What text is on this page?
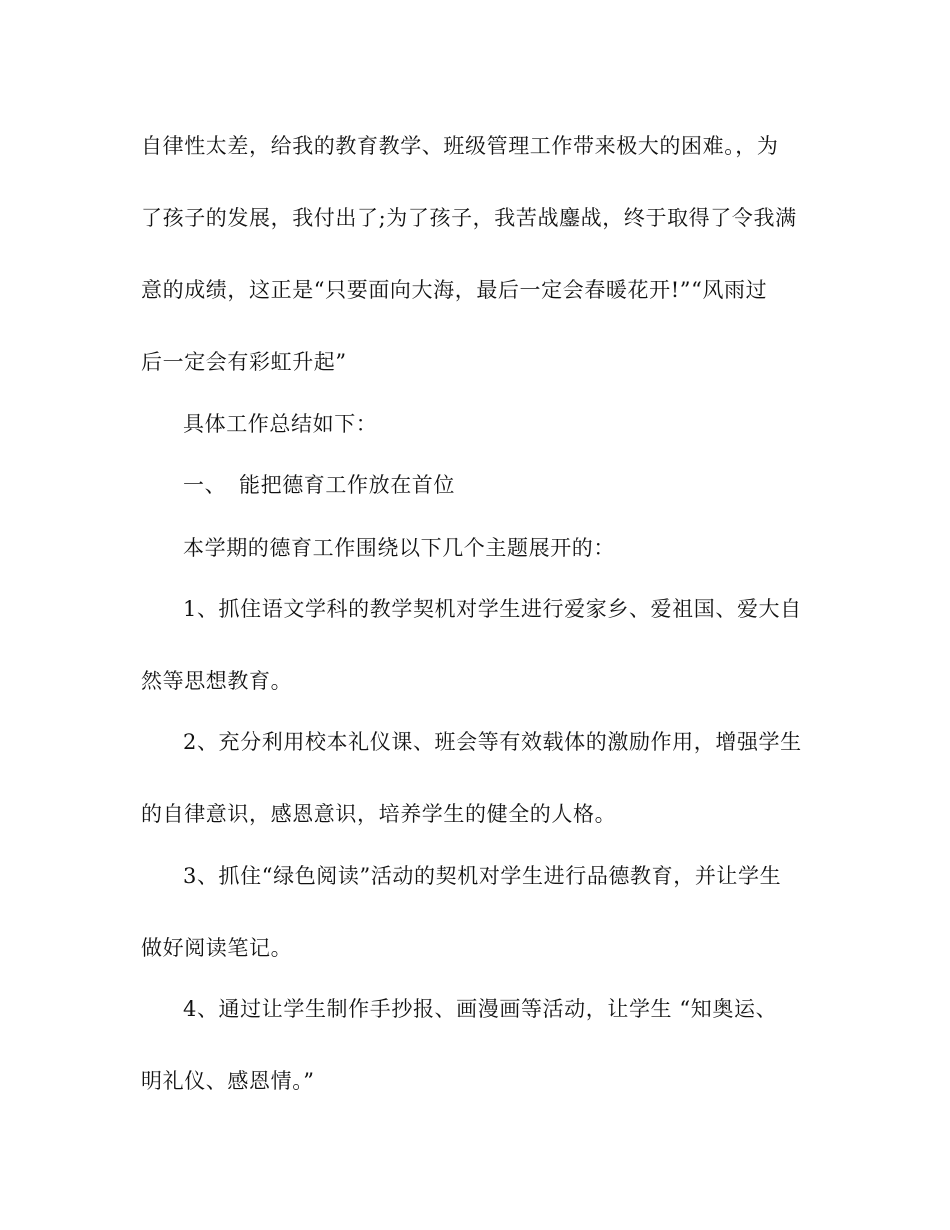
自律性太差，给我的教育教学、班级管理工作带来极大的困难。，为
了孩子的发展，我付出了;为了孩子，我苦战鏖战，终于取得了令我满
意的成绩，这正是“只要面向大海，最后一定会春暖花开!”“风雨过
后一定会有彩虹升起”
具体工作总结如下：
一、 能把德育工作放在首位
本学期的德育工作围绕以下几个主题展开的：
1、抓住语文学科的教学契机对学生进行爱家乡、爱祖国、爱大自
然等思想教育。
2、充分利用校本礼仪课、班会等有效载体的激励作用，增强学生
的自律意识，感恩意识，培养学生的健全的人格。
3、抓住“绿色阅读”活动的契机对学生进行品德教育，并让学生
做好阅读笔记。
4、通过让学生制作手抄报、画漫画等活动，让学生 “知奥运、
明礼仪、感恩情。”
